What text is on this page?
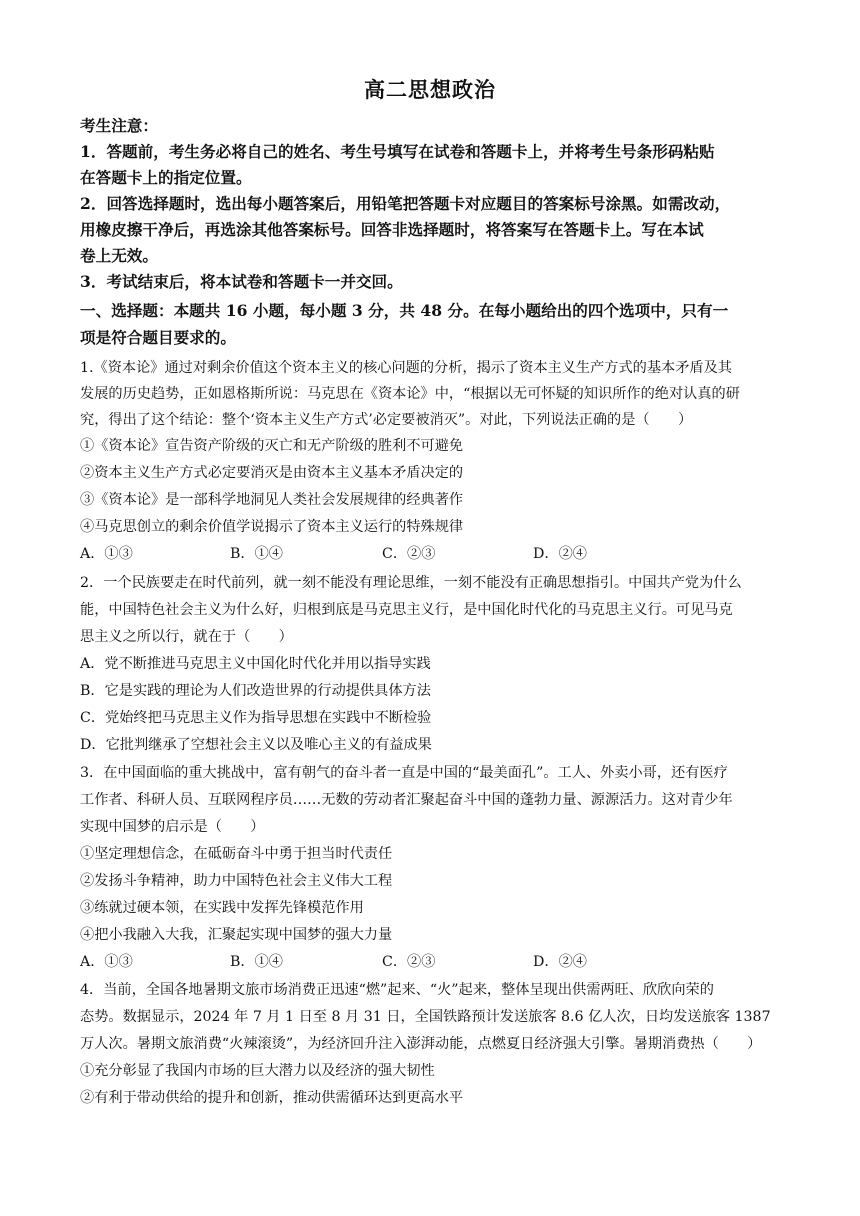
高二思想政治
考生注意：
1．答题前，考生务必将自己的姓名、考生号填写在试卷和答题卡上，并将考生号条形码粘贴
在答题卡上的指定位置。
2．回答选择题时，选出每小题答案后，用铅笔把答题卡对应题目的答案标号涂黑。如需改动，
用橡皮擦干净后，再选涂其他答案标号。回答非选择题时，将答案写在答题卡上。写在本试
卷上无效。
3．考试结束后，将本试卷和答题卡一并交回。
一、选择题：本题共 16 小题，每小题 3 分，共 48 分。在每小题给出的四个选项中，只有一
项是符合题目要求的。
1.《资本论》通过对剩余价值这个资本主义的核心问题的分析，揭示了资本主义生产方式的基本矛盾及其
发展的历史趋势，正如恩格斯所说：马克思在《资本论》中，“根据以无可怀疑的知识所作的绝对认真的研
究，得出了这个结论：整个‘资本主义生产方式’必定要被消灭”。对此，下列说法正确的是（　　）
①《资本论》宣告资产阶级的灭亡和无产阶级的胜利不可避免
②资本主义生产方式必定要消灭是由资本主义基本矛盾决定的
③《资本论》是一部科学地洞见人类社会发展规律的经典著作
④马克思创立的剩余价值学说揭示了资本主义运行的特殊规律
A．①③	B．①④	C．②③	D．②④
2．一个民族要走在时代前列，就一刻不能没有理论思维，一刻不能没有正确思想指引。中国共产党为什么
能，中国特色社会主义为什么好，归根到底是马克思主义行，是中国化时代化的马克思主义行。可见马克
思主义之所以行，就在于（　　）
A．党不断推进马克思主义中国化时代化并用以指导实践
B．它是实践的理论为人们改造世界的行动提供具体方法
C．党始终把马克思主义作为指导思想在实践中不断检验
D．它批判继承了空想社会主义以及唯心主义的有益成果
3．在中国面临的重大挑战中，富有朝气的奋斗者一直是中国的“最美面孔”。工人、外卖小哥，还有医疗
工作者、科研人员、互联网程序员……无数的劳动者汇聚起奋斗中国的蓬勃力量、源源活力。这对青少年
实现中国梦的启示是（　　）
①坚定理想信念，在砥砺奋斗中勇于担当时代责任
②发扬斗争精神，助力中国特色社会主义伟大工程
③练就过硬本领，在实践中发挥先锋模范作用
④把小我融入大我，汇聚起实现中国梦的强大力量
A．①③	B．①④	C．②③	D．②④
4．当前，全国各地暑期文旅市场消费正迅速“燃”起来、“火”起来，整体呈现出供需两旺、欣欣向荣的
态势。数据显示，2024 年 7 月 1 日至 8 月 31 日，全国铁路预计发送旅客 8.6 亿人次，日均发送旅客 1387
万人次。暑期文旅消费“火辣滚烫”，为经济回升注入澎湃动能，点燃夏日经济强大引擎。暑期消费热（　　）
①充分彰显了我国内市场的巨大潜力以及经济的强大韧性
②有利于带动供给的提升和创新，推动供需循环达到更高水平
